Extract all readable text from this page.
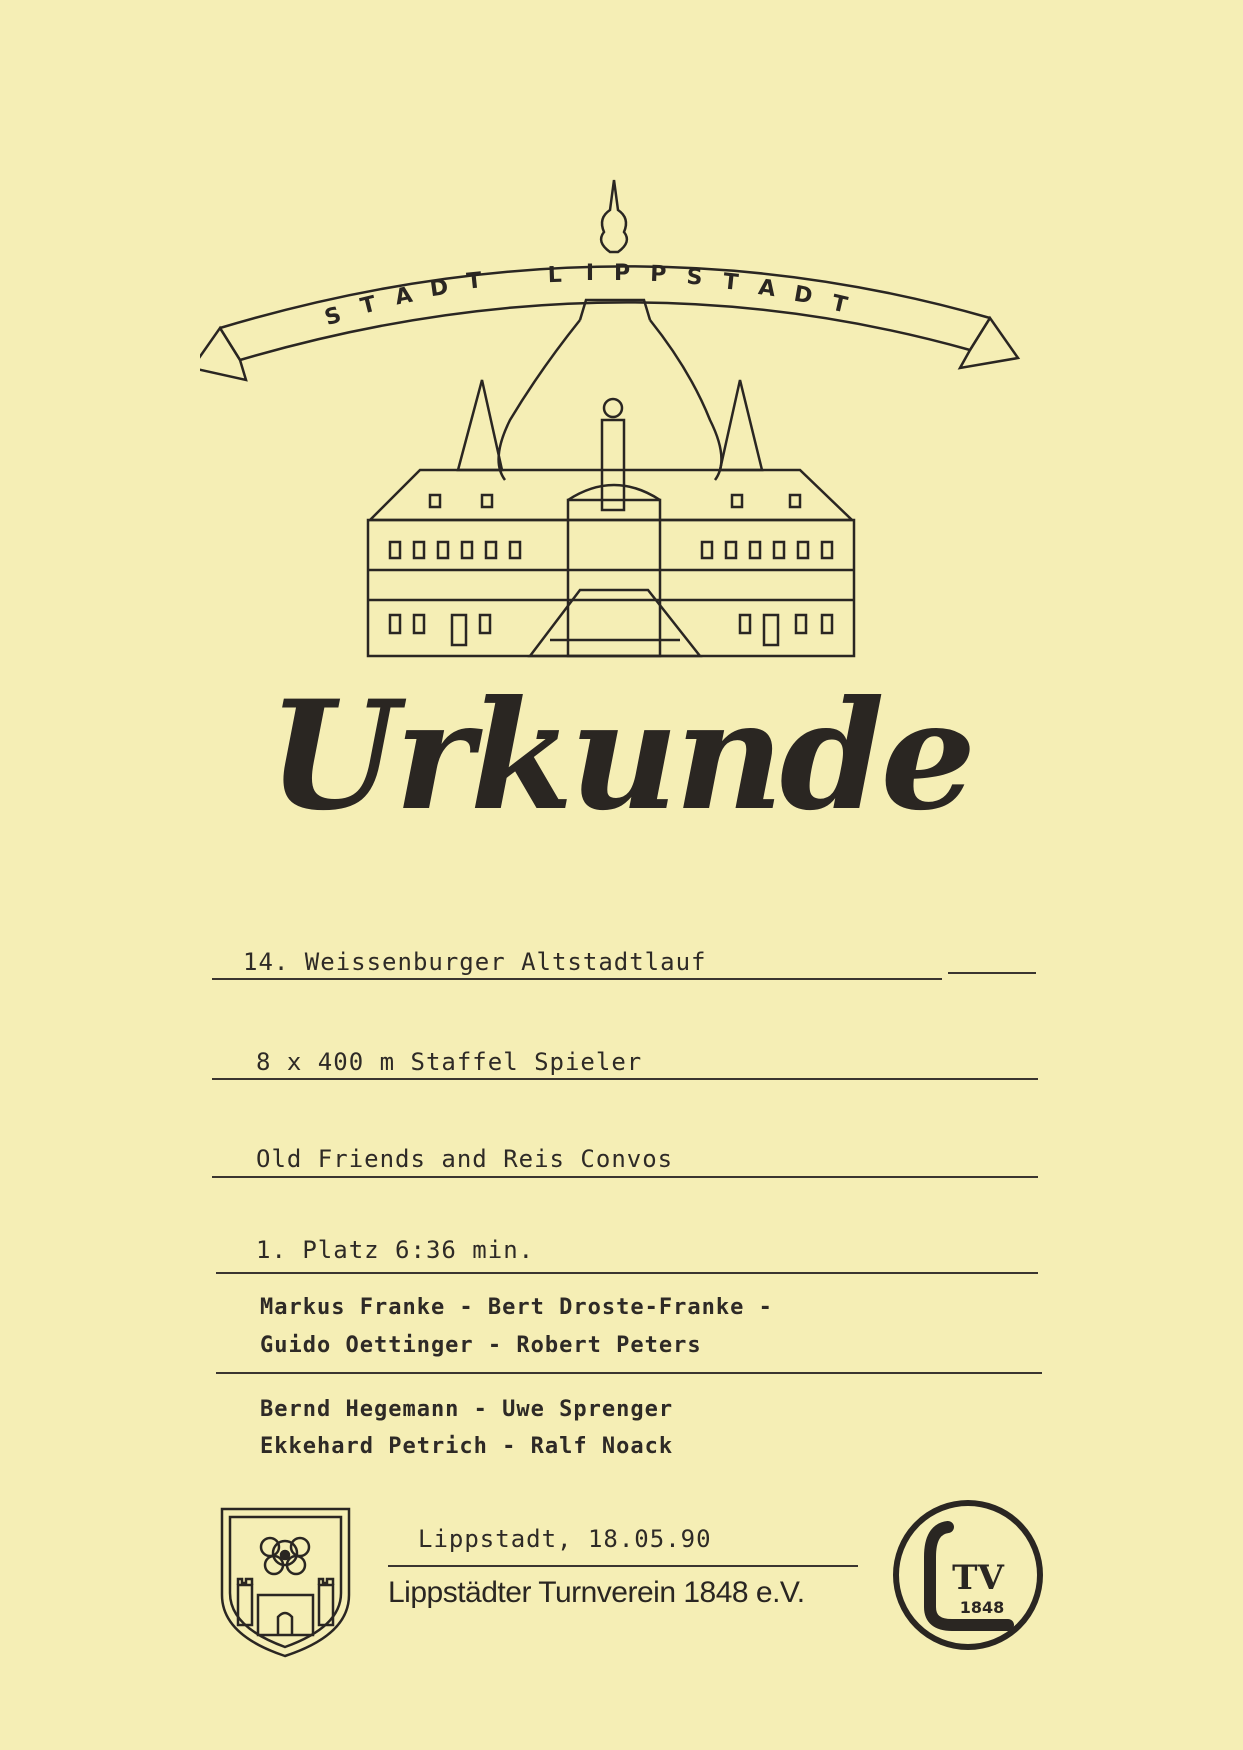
S T A D T	L I P P S T A D T
Urkunde
14. Weissenburger Altstadtlauf
8 x 400 m Staffel Spieler
Old Friends and Reis Convos
1. Platz 6:36 min.
Markus Franke - Bert Droste-Franke -
Guido Oettinger - Robert Peters
Bernd Hegemann - Uwe Sprenger
Ekkehard Petrich - Ralf Noack
Lippstadt, 18.05.90
Lippstädter Turnverein 1848 e.V.	TV
1848
